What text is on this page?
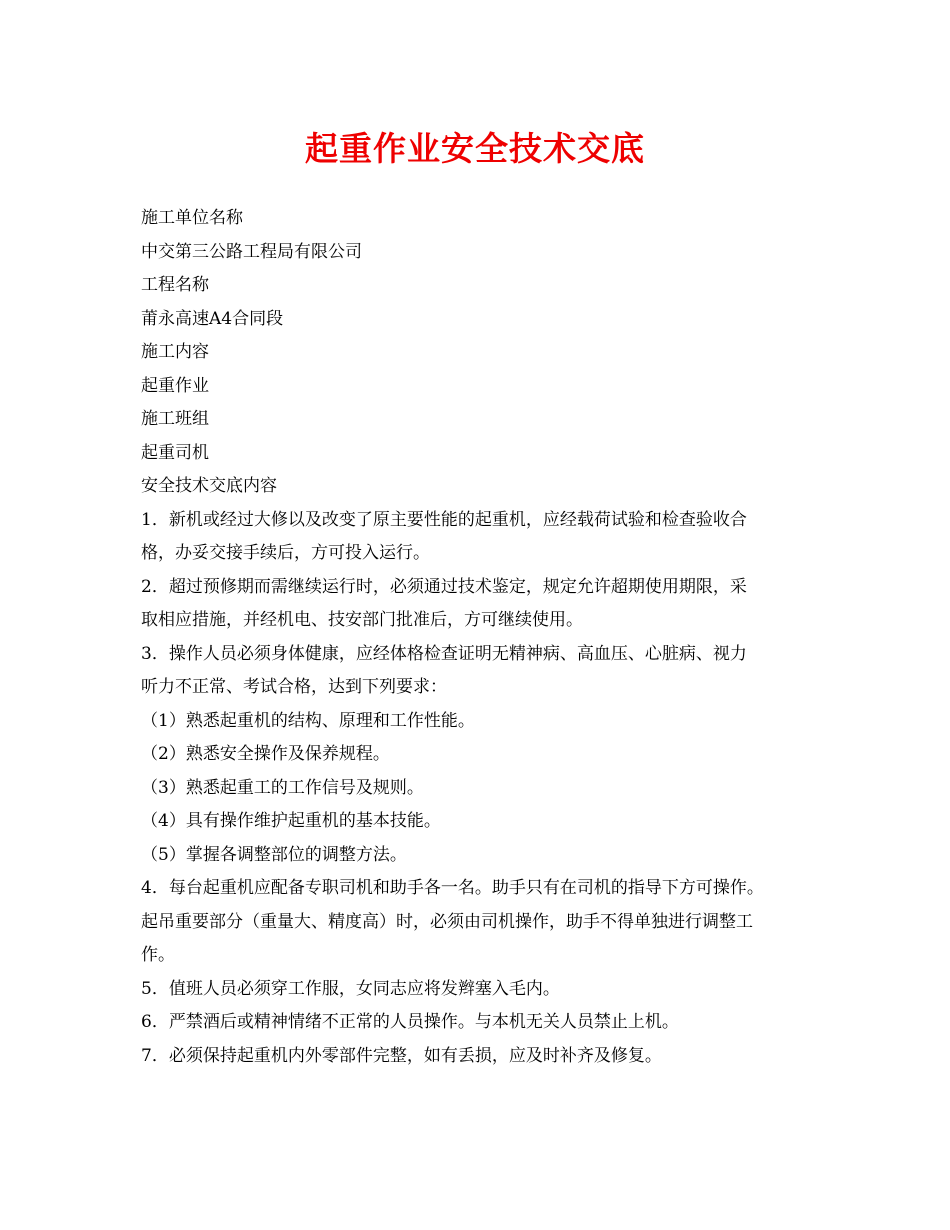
起重作业安全技术交底
施工单位名称
中交第三公路工程局有限公司
工程名称
莆永高速A4合同段
施工内容
起重作业
施工班组
起重司机
安全技术交底内容
1．新机或经过大修以及改变了原主要性能的起重机，应经载荷试验和检查验收合
格，办妥交接手续后，方可投入运行。
2．超过预修期而需继续运行时，必须通过技术鉴定，规定允许超期使用期限，采
取相应措施，并经机电、技安部门批准后，方可继续使用。
3．操作人员必须身体健康，应经体格检查证明无精神病、高血压、心脏病、视力
听力不正常、考试合格，达到下列要求：
（1）熟悉起重机的结构、原理和工作性能。
（2）熟悉安全操作及保养规程。
（3）熟悉起重工的工作信号及规则。
（4）具有操作维护起重机的基本技能。
（5）掌握各调整部位的调整方法。
4．每台起重机应配备专职司机和助手各一名。助手只有在司机的指导下方可操作。
起吊重要部分（重量大、精度高）时，必须由司机操作，助手不得单独进行调整工
作。
5．值班人员必须穿工作服，女同志应将发辫塞入毛内。
6．严禁酒后或精神情绪不正常的人员操作。与本机无关人员禁止上机。
7．必须保持起重机内外零部件完整，如有丢损，应及时补齐及修复。
